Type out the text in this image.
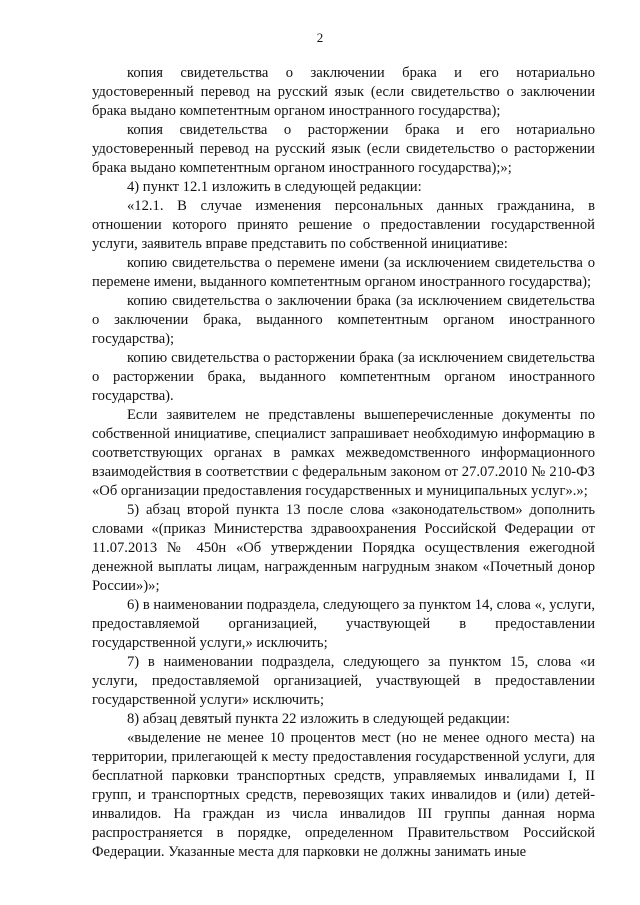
2

копия свидетельства о заключении брака и его нотариально удостоверенный перевод на русский язык (если свидетельство о заключении брака выдано компетентным органом иностранного государства);

копия свидетельства о расторжении брака и его нотариально удостоверенный перевод на русский язык (если свидетельство о расторжении брака выдано компетентным органом иностранного государства);»;

4) пункт 12.1 изложить в следующей редакции:

«12.1. В случае изменения персональных данных гражданина, в отношении которого принято решение о предоставлении государственной услуги, заявитель вправе представить по собственной инициативе:

копию свидетельства о перемене имени (за исключением свидетельства о перемене имени, выданного компетентным органом иностранного государства);

копию свидетельства о заключении брака (за исключением свидетельства о заключении брака, выданного компетентным органом иностранного государства);

копию свидетельства о расторжении брака (за исключением свидетельства о расторжении брака, выданного компетентным органом иностранного государства).

Если заявителем не представлены вышеперечисленные документы по собственной инициативе, специалист запрашивает необходимую информацию в соответствующих органах в рамках межведомственного информационного взаимодействия в соответствии с федеральным законом от 27.07.2010 № 210-ФЗ «Об организации предоставления государственных и муниципальных услуг».»;

5) абзац второй пункта 13 после слова «законодательством» дополнить словами «(приказ Министерства здравоохранения Российской Федерации от 11.07.2013 № 450н «Об утверждении Порядка осуществления ежегодной денежной выплаты лицам, награжденным нагрудным знаком «Почетный донор России»)»;

6) в наименовании подраздела, следующего за пунктом 14, слова «, услуги, предоставляемой организацией, участвующей в предоставлении государственной услуги,» исключить;

7) в наименовании подраздела, следующего за пунктом 15, слова «и услуги, предоставляемой организацией, участвующей в предоставлении государственной услуги» исключить;

8) абзац девятый пункта 22 изложить в следующей редакции:

«выделение не менее 10 процентов мест (но не менее одного места) на территории, прилегающей к месту предоставления государственной услуги, для бесплатной парковки транспортных средств, управляемых инвалидами I, II групп, и транспортных средств, перевозящих таких инвалидов и (или) детей-инвалидов. На граждан из числа инвалидов III группы данная норма распространяется в порядке, определенном Правительством Российской Федерации. Указанные места для парковки не должны занимать иные
